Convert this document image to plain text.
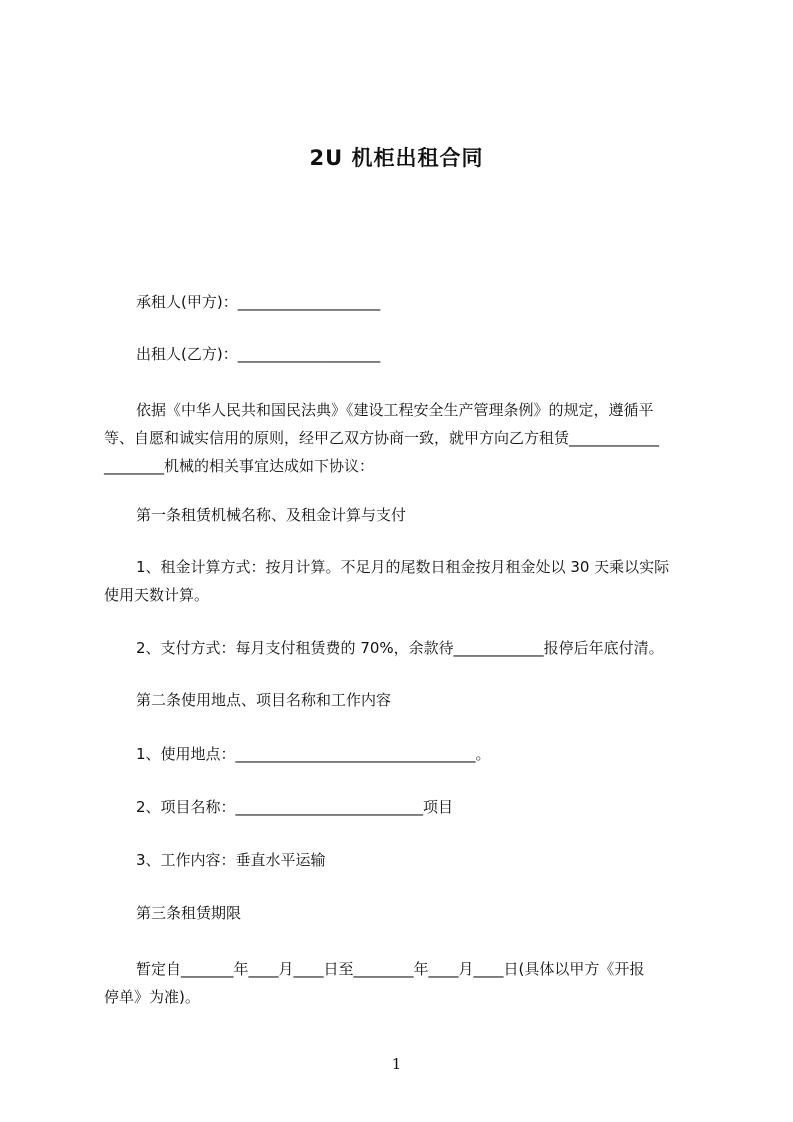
2U 机柜出租合同
承租人(甲方)：___________________
出租人(乙方)：___________________
依据《中华人民共和国民法典》《建设工程安全生产管理条例》的规定，遵循平
等、自愿和诚实信用的原则，经甲乙双方协商一致，就甲方向乙方租赁____________
________机械的相关事宜达成如下协议：
第一条租赁机械名称、及租金计算与支付
1、租金计算方式：按月计算。不足月的尾数日租金按月租金处以 30 天乘以实际
使用天数计算。
2、支付方式：每月支付租赁费的 70%，余款待____________报停后年底付清。
第二条使用地点、项目名称和工作内容
1、使用地点：________________________________。
2、项目名称：_________________________项目
3、工作内容：垂直水平运输
第三条租赁期限
暂定自_______年____月____日至________年____月____日(具体以甲方《开报
停单》为准)。
1
